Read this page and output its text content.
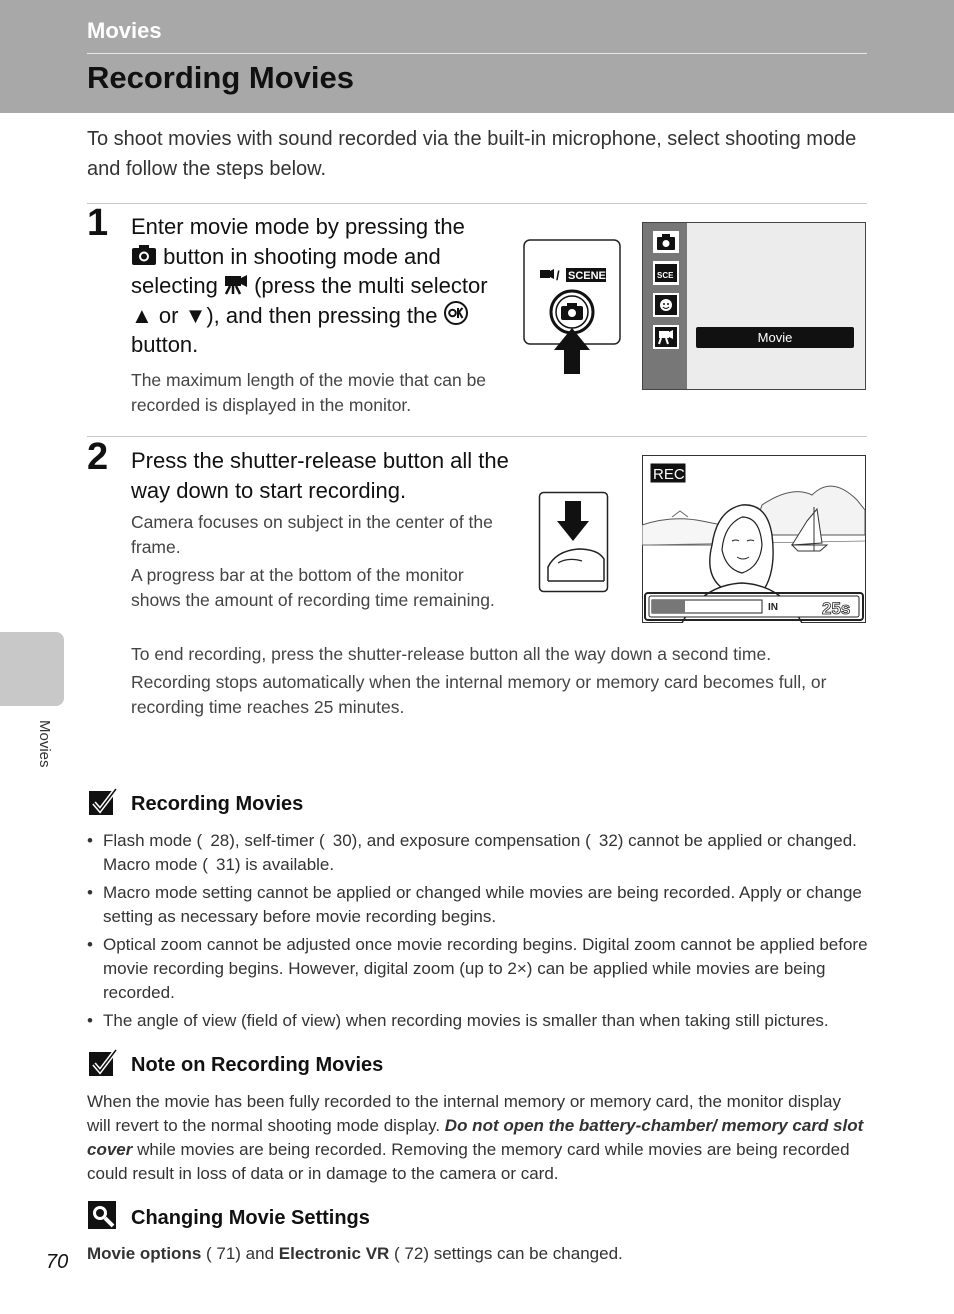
Movies
Recording Movies
To shoot movies with sound recorded via the built-in microphone, select shooting mode and follow the steps below.
1 Enter movie mode by pressing the
button in shooting mode and
selecting  (press the multi selector
▲ or ▼), and then pressing the
button.
The maximum length of the movie that can be recorded is displayed in the monitor.
/ SCENE	SCE
Movie
2 Press the shutter-release button all the way down to start recording.
Camera focuses on subject in the center of the frame.
A progress bar at the bottom of the monitor shows the amount of recording time remaining.
To end recording, press the shutter-release button all the way down a second time.
Recording stops automatically when the internal memory or memory card becomes full, or recording time reaches 25 minutes.
REC
IN	25s
Movies
Recording Movies
• Flash mode (  28), self-timer (  30), and exposure compensation (  32) cannot be applied or changed. Macro mode (  31) is available.
• Macro mode setting cannot be applied or changed while movies are being recorded. Apply or change setting as necessary before movie recording begins.
• Optical zoom cannot be adjusted once movie recording begins. Digital zoom cannot be applied before movie recording begins. However, digital zoom (up to 2×) can be applied while movies are being recorded.
• The angle of view (field of view) when recording movies is smaller than when taking still pictures.
Note on Recording Movies
When the movie has been fully recorded to the internal memory or memory card, the monitor display will revert to the normal shooting mode display. Do not open the battery-chamber/ memory card slot cover while movies are being recorded. Removing the memory card while movies are being recorded could result in loss of data or in damage to the camera or card.
Changing Movie Settings
Movie options ( 71) and Electronic VR ( 72) settings can be changed.
70
